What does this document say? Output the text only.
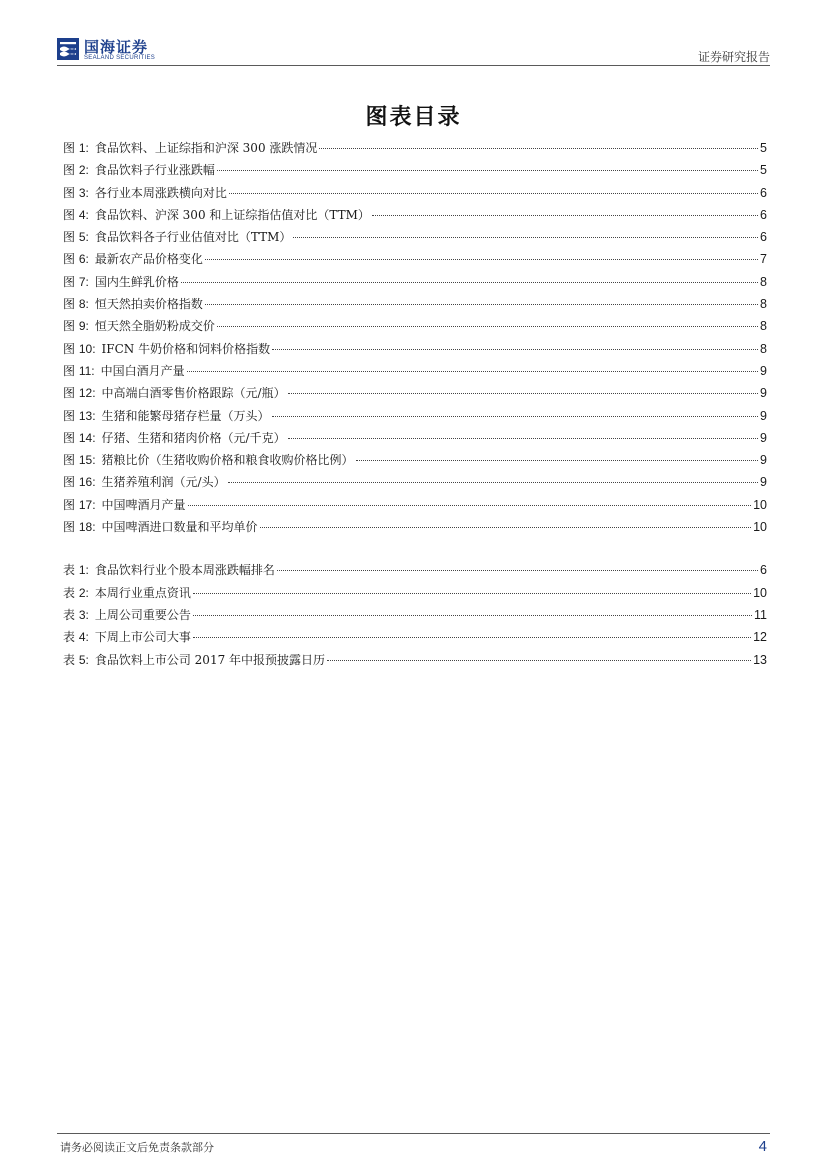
国海证券
SEALAND SECURITIES	证券研究报告
图表目录
图 1: 食品饮料、上证综指和沪深 300 涨跌情况	5
图 2: 食品饮料子行业涨跌幅	5
图 3: 各行业本周涨跌横向对比	6
图 4: 食品饮料、沪深 300 和上证综指估值对比（TTM）	6
图 5: 食品饮料各子行业估值对比（TTM）	6
图 6: 最新农产品价格变化	7
图 7: 国内生鲜乳价格	8
图 8: 恒天然拍卖价格指数	8
图 9: 恒天然全脂奶粉成交价	8
图 10: IFCN 牛奶价格和饲料价格指数	8
图 11: 中国白酒月产量	9
图 12: 中高端白酒零售价格跟踪（元/瓶）	9
图 13: 生猪和能繁母猪存栏量（万头）	9
图 14: 仔猪、生猪和猪肉价格（元/千克）	9
图 15: 猪粮比价（生猪收购价格和粮食收购价格比例）	9
图 16: 生猪养殖利润（元/头）	9
图 17: 中国啤酒月产量	10
图 18: 中国啤酒进口数量和平均单价	10
表 1: 食品饮料行业个股本周涨跌幅排名	6
表 2: 本周行业重点资讯	10
表 3: 上周公司重要公告	11
表 4: 下周上市公司大事	12
表 5: 食品饮料上市公司 2017 年中报预披露日历	13
请务必阅读正文后免责条款部分	4
